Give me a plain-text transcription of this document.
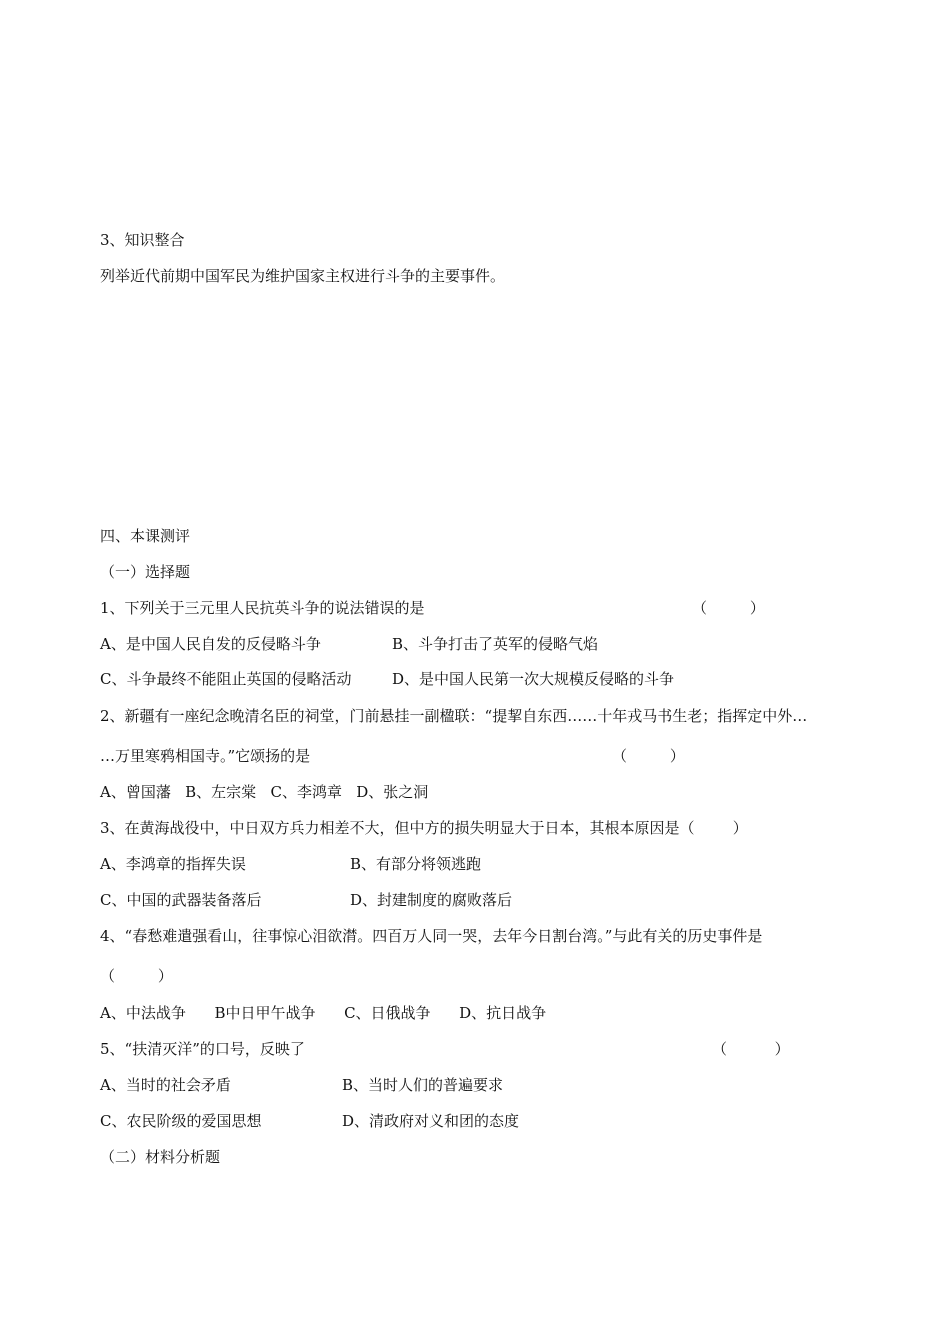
3、知识整合
列举近代前期中国军民为维护国家主权进行斗争的主要事件。
四、本课测评
（一）选择题
1、下列关于三元里人民抗英斗争的说法错误的是	（         ）
A、是中国人民自发的反侵略斗争	B、斗争打击了英军的侵略气焰
C、斗争最终不能阻止英国的侵略活动	D、是中国人民第一次大规模反侵略的斗争
2、新疆有一座纪念晚清名臣的祠堂，门前悬挂一副楹联：“提挈自东西……十年戎马书生老；指挥定中外…
…万里寒鸦相国寺。”它颂扬的是	（         ）
A、曾国藩   B、左宗棠   C、李鸿章   D、张之洞
3、在黄海战役中，中日双方兵力相差不大，但中方的损失明显大于日本，其根本原因是（        ）
A、李鸿章的指挥失误	B、有部分将领逃跑
C、中国的武器装备落后	D、封建制度的腐败落后
4、“春愁难遣强看山，往事惊心泪欲潸。四百万人同一哭，去年今日割台湾。”与此有关的历史事件是
（         ）
A、中法战争      B中日甲午战争      C、日俄战争      D、抗日战争
5、“扶清灭洋”的口号，反映了	（          ）
A、当时的社会矛盾	B、当时人们的普遍要求
C、农民阶级的爱国思想	D、清政府对义和团的态度
（二）材料分析题
